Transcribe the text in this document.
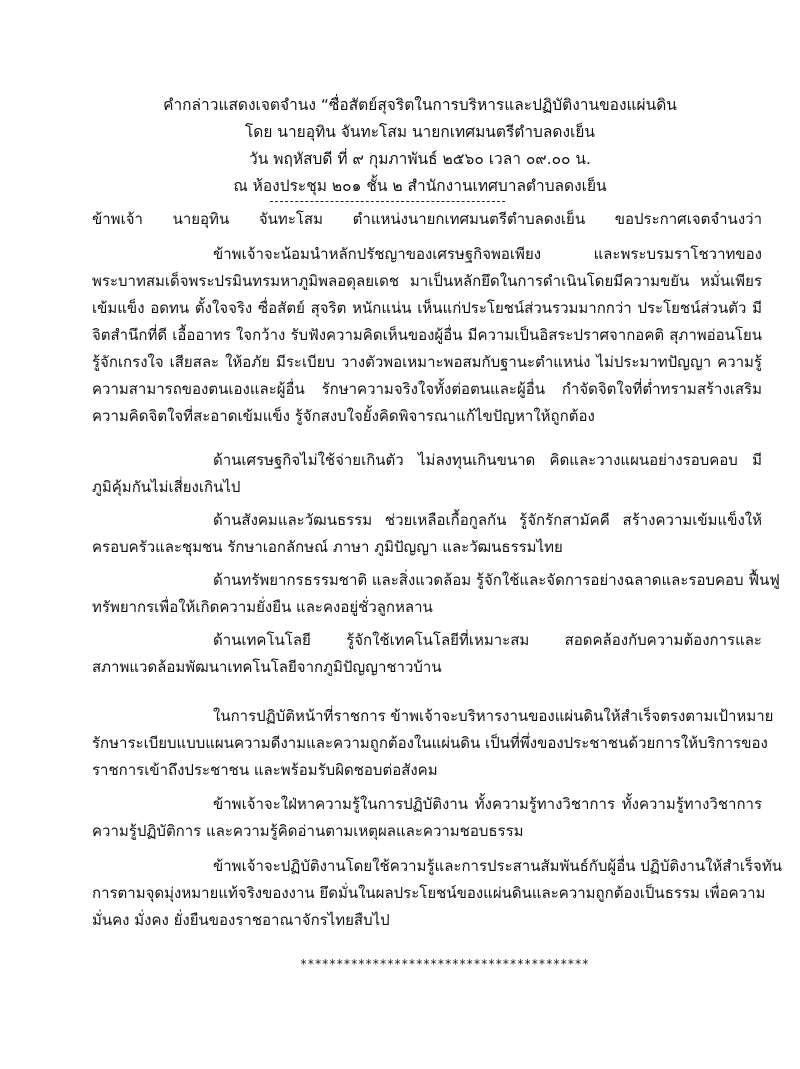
คำกล่าวแสดงเจตจำนง “ซื่อสัตย์สุจริตในการบริหารและปฏิบัติงานของแผ่นดิน
โดย นายอุทิน จันทะโสม นายกเทศมนตรีตำบลดงเย็น
วัน พฤหัสบดี ที่ ๙ กุมภาพันธ์ ๒๕๖๐ เวลา ๐๙.๐๐ น.
ณ ห้องประชุม ๒๐๑ ชั้น ๒ สำนักงานเทศบาลตำบลดงเย็น
ข้าพเจ้า นายอุทิน จันทะโสม ตำแหน่งนายกเทศมนตรีตำบลดงเย็น ขอประกาศเจตจำนงว่า
ข้าพเจ้าจะน้อมนำหลักปรัชญาของเศรษฐกิจพอเพียง และพระบรมราโชวาทของ
พระบาทสมเด็จพระปรมินทรมหาภูมิพลอดุลยเดช มาเป็นหลักยึดในการดำเนินโดยมีความขยัน หมั่นเพียร
เข้มแข็ง อดทน ตั้งใจจริง ซื่อสัตย์ สุจริต หนักแน่น เห็นแก่ประโยชน์ส่วนรวมมากกว่า ประโยชน์ส่วนตัว มี
จิตสำนึกที่ดี เอื้ออาทร ใจกว้าง รับฟังความคิดเห็นของผู้อื่น มีความเป็นอิสระปราศจากอคติ สุภาพอ่อนโยน
รู้จักเกรงใจ เสียสละ ให้อภัย มีระเบียบ วางตัวพอเหมาะพอสมกับฐานะตำแหน่ง ไม่ประมาทปัญญา ความรู้
ความสามารถของตนเองและผู้อื่น รักษาความจริงใจทั้งต่อตนและผู้อื่น กำจัดจิตใจที่ต่ำทรามสร้างเสริม
ความคิดจิตใจที่สะอาดเข้มแข็ง รู้จักสงบใจยั้งคิดพิจารณาแก้ไขปัญหาให้ถูกต้อง
ด้านเศรษฐกิจไม่ใช้จ่ายเกินตัว ไม่ลงทุนเกินขนาด คิดและวางแผนอย่างรอบคอบ มี
ภูมิคุ้มกันไม่เสี่ยงเกินไป
ด้านสังคมและวัฒนธรรม ช่วยเหลือเกื้อกูลกัน รู้จักรักสามัคคี สร้างความเข้มแข็งให้
ครอบครัวและชุมชน รักษาเอกลักษณ์ ภาษา ภูมิปัญญา และวัฒนธรรมไทย
ด้านทรัพยากรธรรมชาติ และสิ่งแวดล้อม รู้จักใช้และจัดการอย่างฉลาดและรอบคอบ ฟื้นฟู
ทรัพยากรเพื่อให้เกิดความยั่งยืน และคงอยู่ชั่วลูกหลาน
ด้านเทคโนโลยี รู้จักใช้เทคโนโลยีที่เหมาะสม สอดคล้องกับความต้องการและ
สภาพแวดล้อมพัฒนาเทคโนโลยีจากภูมิปัญญาชาวบ้าน
ในการปฏิบัติหน้าที่ราชการ ข้าพเจ้าจะบริหารงานของแผ่นดินให้สำเร็จตรงตามเป้าหมาย
รักษาระเบียบแบบแผนความดีงามและความถูกต้องในแผ่นดิน เป็นที่พึ่งของประชาชนด้วยการให้บริการของ
ราชการเข้าถึงประชาชน และพร้อมรับผิดชอบต่อสังคม
ข้าพเจ้าจะใฝ่หาความรู้ในการปฏิบัติงาน ทั้งความรู้ทางวิชาการ ทั้งความรู้ทางวิชาการ
ความรู้ปฏิบัติการ และความรู้คิดอ่านตามเหตุผลและความชอบธรรม
****************************************
ข้าพเจ้าจะปฏิบัติงานโดยใช้ความรู้และการประสานสัมพันธ์กับผู้อื่น ปฏิบัติงานให้สำเร็จทัน
การตามจุดมุ่งหมายแท้จริงของงาน ยึดมั่นในผลประโยชน์ของแผ่นดินและความถูกต้องเป็นธรรม เพื่อความ
มั่นคง มั่งคง ยั่งยืนของราชอาณาจักรไทยสืบไป
